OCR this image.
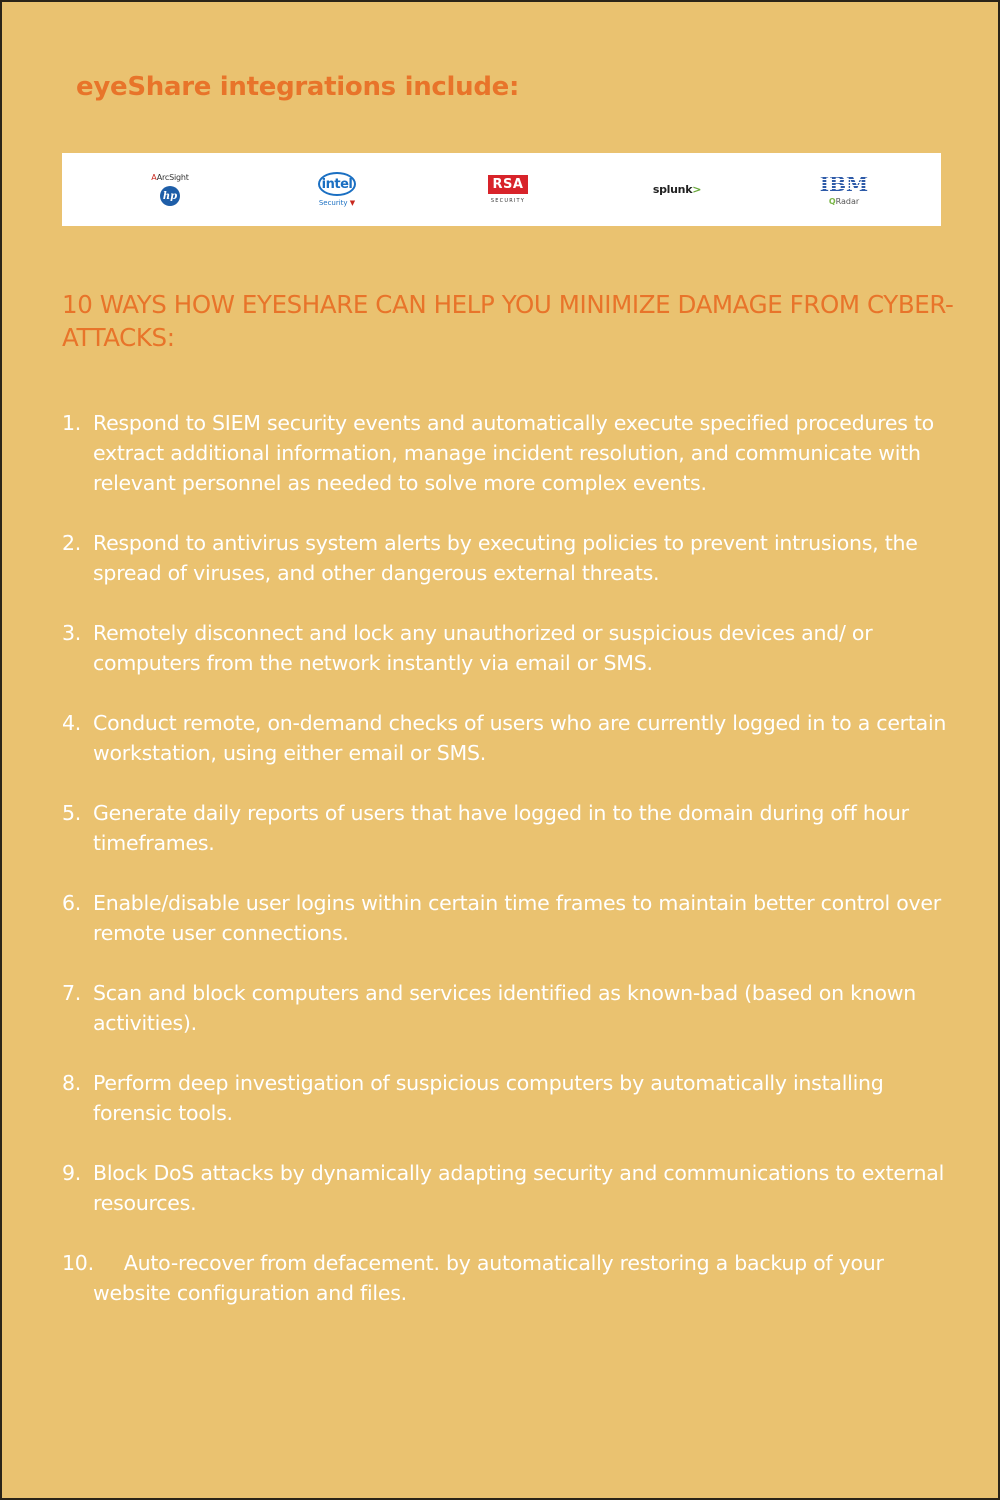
eyeShare integrations include:
AArcSight
hp
intel
Security ▼
RSA
SECURITY
splunk>	IBM
QRadar
10 WAYS HOW EYESHARE CAN HELP YOU MINIMIZE DAMAGE FROM CYBER-ATTACKS:
1. Respond to SIEM security events and automatically execute specified procedures to extract additional information, manage incident resolution, and communicate with relevant personnel as needed to solve more complex events.
2. Respond to antivirus system alerts by executing policies to prevent intrusions, the spread of viruses, and other dangerous external threats.
3. Remotely disconnect and lock any unauthorized or suspicious devices and/ or computers from the network instantly via email or SMS.
4. Conduct remote, on-demand checks of users who are currently logged in to a certain workstation, using either email or SMS.
5. Generate daily reports of users that have logged in to the domain during off hour timeframes.
6. Enable/disable user logins within certain time frames to maintain better control over remote user connections.
7. Scan and block computers and services identified as known-bad (based on known activities).
8. Perform deep investigation of suspicious computers by automatically installing forensic tools.
9. Block DoS attacks by dynamically adapting security and communications to external resources.
10. Auto-recover from defacement. by automatically restoring a backup of your website configuration and files.
